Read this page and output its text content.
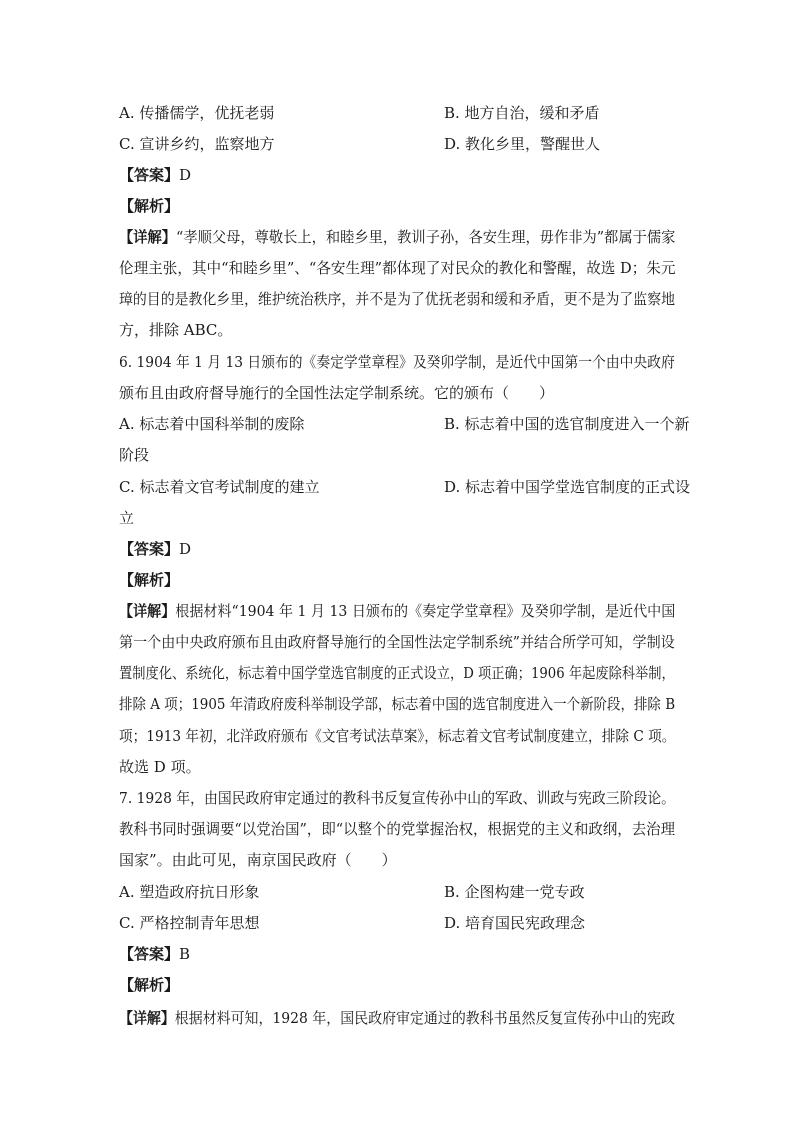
A. 传播儒学，优抚老弱	B. 地方自治，缓和矛盾
C. 宣讲乡约，监察地方	D. 教化乡里，警醒世人
【答案】D
【解析】
【详解】“孝顺父母，尊敬长上，和睦乡里，教训子孙，各安生理，毋作非为”都属于儒家
伦理主张，其中“和睦乡里”、“各安生理”都体现了对民众的教化和警醒，故选 D；朱元
璋的目的是教化乡里，维护统治秩序，并不是为了优抚老弱和缓和矛盾，更不是为了监察地
方，排除 ABC。
6. 1904 年 1 月 13 日颁布的《奏定学堂章程》及癸卯学制，是近代中国第一个由中央政府
颁布且由政府督导施行的全国性法定学制系统。它的颁布（　　）
A. 标志着中国科举制的废除	B. 标志着中国的选官制度进入一个新
阶段
C. 标志着文官考试制度的建立	D. 标志着中国学堂选官制度的正式设
立
【答案】D
【解析】
【详解】根据材料“1904 年 1 月 13 日颁布的《奏定学堂章程》及癸卯学制，是近代中国
第一个由中央政府颁布且由政府督导施行的全国性法定学制系统”并结合所学可知，学制设
置制度化、系统化，标志着中国学堂选官制度的正式设立，D 项正确；1906 年起废除科举制，
排除 A 项；1905 年清政府废科举制设学部，标志着中国的选官制度进入一个新阶段，排除 B
项；1913 年初，北洋政府颁布《文官考试法草案》，标志着文官考试制度建立，排除 C 项。
故选 D 项。
7. 1928 年，由国民政府审定通过的教科书反复宣传孙中山的军政、训政与宪政三阶段论。
教科书同时强调要“以党治国”，即“以整个的党掌握治权，根据党的主义和政纲，去治理
国家”。由此可见，南京国民政府（　　）
A. 塑造政府抗日形象	B. 企图构建一党专政
C. 严格控制青年思想	D. 培育国民宪政理念
【答案】B
【解析】
【详解】根据材料可知，1928 年，国民政府审定通过的教科书虽然反复宣传孙中山的宪政
